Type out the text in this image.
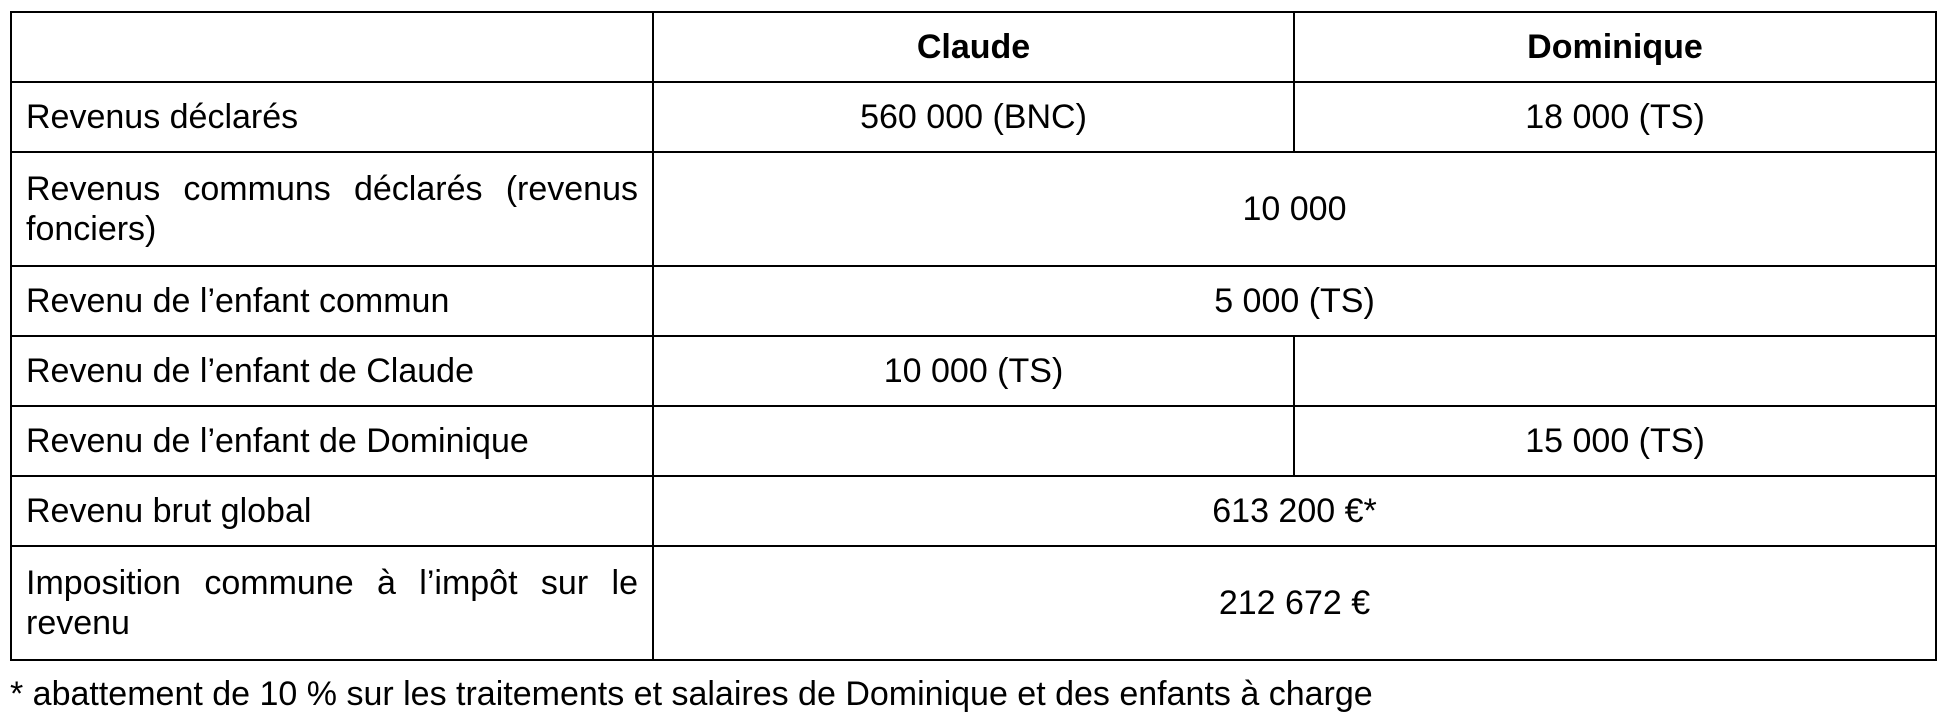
	Claude	Dominique
Revenus déclarés	560 000 (BNC)	18 000 (TS)
Revenus communs déclarés (revenus fonciers)	10 000	
Revenu de l’enfant commun	5 000 (TS)	
Revenu de l’enfant de Claude	10 000 (TS)	
Revenu de l’enfant de Dominique		15 000 (TS)
Revenu brut global	613 200 €*	
Imposition commune à l’impôt sur le revenu	212 672 €	
* abattement de 10 % sur les traitements et salaires de Dominique et des enfants à charge
